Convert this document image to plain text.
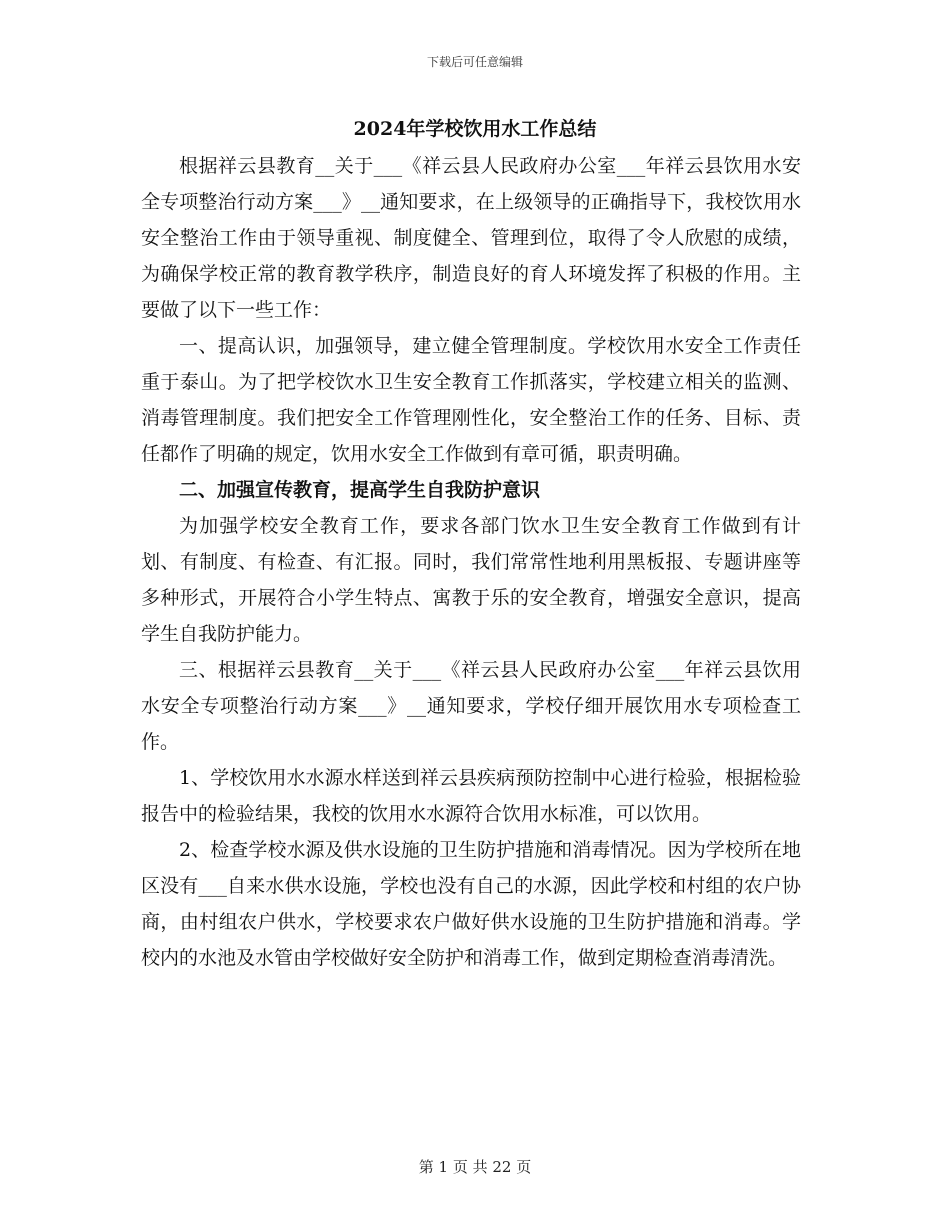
下载后可任意编辑
2024年学校饮用水工作总结

根据祥云县教育__关于___《祥云县人民政府办公室___年祥云县饮用水安全专项整治行动方案___》__通知要求，在上级领导的正确指导下，我校饮用水安全整治工作由于领导重视、制度健全、管理到位，取得了令人欣慰的成绩，为确保学校正常的教育教学秩序，制造良好的育人环境发挥了积极的作用。主要做了以下一些工作：

一、提高认识，加强领导，建立健全管理制度。学校饮用水安全工作责任重于泰山。为了把学校饮水卫生安全教育工作抓落实，学校建立相关的监测、消毒管理制度。我们把安全工作管理刚性化，安全整治工作的任务、目标、责任都作了明确的规定，饮用水安全工作做到有章可循，职责明确。

二、加强宣传教育，提高学生自我防护意识

为加强学校安全教育工作，要求各部门饮水卫生安全教育工作做到有计划、有制度、有检查、有汇报。同时，我们常常性地利用黑板报、专题讲座等多种形式，开展符合小学生特点、寓教于乐的安全教育，增强安全意识，提高学生自我防护能力。

三、根据祥云县教育__关于___《祥云县人民政府办公室___年祥云县饮用水安全专项整治行动方案___》__通知要求，学校仔细开展饮用水专项检查工作。

1、学校饮用水水源水样送到祥云县疾病预防控制中心进行检验，根据检验报告中的检验结果，我校的饮用水水源符合饮用水标准，可以饮用。

2、检查学校水源及供水设施的卫生防护措施和消毒情况。因为学校所在地区没有___自来水供水设施，学校也没有自己的水源，因此学校和村组的农户协商，由村组农户供水，学校要求农户做好供水设施的卫生防护措施和消毒。学校内的水池及水管由学校做好安全防护和消毒工作，做到定期检查消毒清洗。

第 1 页 共 22 页
